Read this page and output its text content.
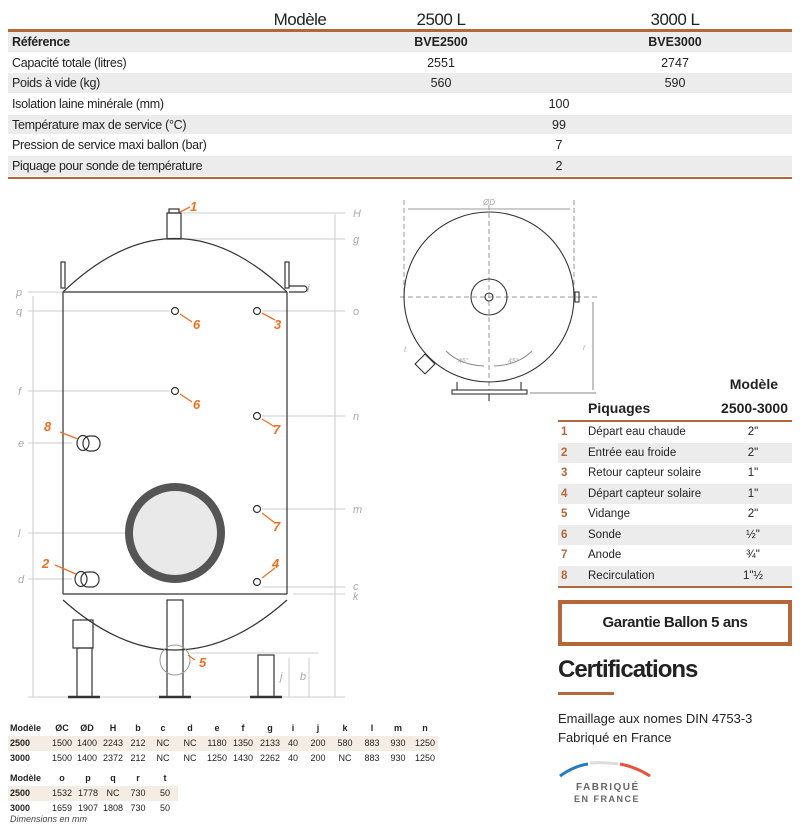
Modèle	2500 L	3000 L
Référence	BVE2500	BVE3000
Capacité totale (litres)	2551	2747
Poids à vide (kg)	560	590
Isolation laine minérale (mm)	100
Température max de service (°C)	99
Pression de service maxi ballon (bar)	7
Piquage pour sonde de température	2
H
g
p	i
q	o
f
n
e
l
m
d
c
k
j b
1
2
3
4
5
6
6
7
7
8
ØD
45°	45°
r
t
Modèle
Piquages	2500-3000
1 Départ eau chaude	2"
2 Entrée eau froide	2"
3 Retour capteur solaire	1"
4 Départ capteur solaire	1"
5 Vidange	2"
6 Sonde	½"
7 Anode	¾"
8 Recirculation	1"½
Garantie Ballon 5 ans
Certifications
Emaillage aux nomes DIN 4753-3
Fabriqué en France
FABRIQUÉ
EN FRANCE
Modèle ØC ØD H b c d e f	g i j	k	l m n
2500 1500 1400 2243 212 NC NC 1180 1350 2133 40 200 580 883 930 1250
3000 1500 1400 2372 212 NC NC 1250 1430 2262 40 200 NC 883 930 1250
Modèle o p q r	t
2500 1532 1778 NC 730 50
3000 1659 1907 1808 730 50
Dimensions en mm
